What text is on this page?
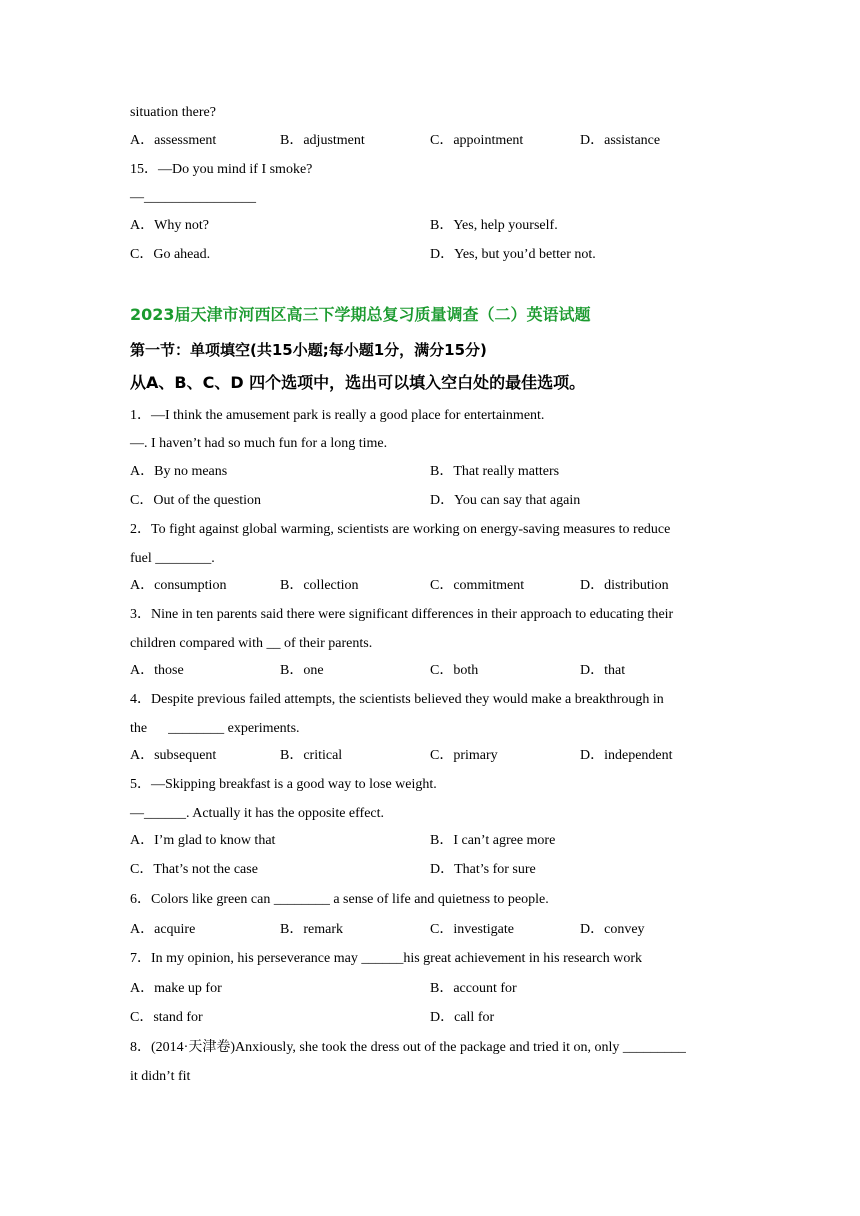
situation there?
A．assessment	B．adjustment	C．appointment	D．assistance
15．—Do you mind if I smoke?
—________________
A．Why not?	B．Yes, help yourself.
C．Go ahead.	D．Yes, but you’d better not.
2023届天津市河西区高三下学期总复习质量调查（二）英语试题
第一节：单项填空(共15小题;每小题1分，满分15分)
从A、B、C、D 四个选项中，选出可以填入空白处的最佳选项。
1．—I think the amusement park is really a good place for entertainment.
—. I haven’t had so much fun for a long time.
A．By no means	B．That really matters
C．Out of the question	D．You can say that again
2．To fight against global warming, scientists are working on energy-saving measures to reduce
fuel ________.
A．consumption	B．collection	C．commitment	D．distribution
3．Nine in ten parents said there were significant differences in their approach to educating their
children compared with __ of their parents.
A．those	B．one	C．both	D．that
4．Despite previous failed attempts, the scientists believed they would make a breakthrough in
the      ________ experiments.
A．subsequent	B．critical	C．primary	D．independent
5．—Skipping breakfast is a good way to lose weight.
—______. Actually it has the opposite effect.
A．I’m glad to know that	B．I can’t agree more
C．That’s not the case	D．That’s for sure
6．Colors like green can ________ a sense of life and quietness to people.
A．acquire	B．remark	C．investigate	D．convey
7．In my opinion, his perseverance may ______his great achievement in his research work
A．make up for	B．account for
C．stand for	D．call for
8．(2014·天津卷)Anxiously, she took the dress out of the package and tried it on, only _________
it didn’t fit
